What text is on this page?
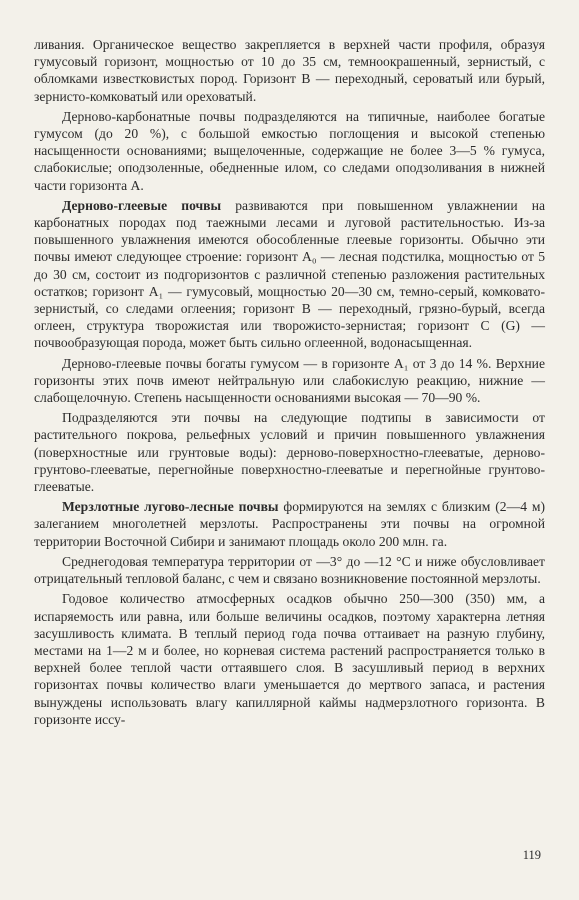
ливания. Органическое вещество закрепляется в верхней части профиля, образуя гумусовый горизонт, мощностью от 10 до 35 см, темноокрашенный, зернистый, с обломками известковистых пород. Горизонт B — переходный, сероватый или бурый, зернисто-комковатый или ореховатый.

Дерново-карбонатные почвы подразделяются на типичные, наиболее богатые гумусом (до 20 %), с большой емкостью поглощения и высокой степенью насыщенности основаниями; выщелоченные, содержащие не более 3—5 % гумуса, слабокислые; оподзоленные, обедненные илом, со следами оподзоливания в нижней части горизонта A.

Дерново-глеевые почвы развиваются при повышенном увлажнении на карбонатных породах под таежными лесами и луговой растительностью. Из-за повышенного увлажнения имеются обособленные глеевые горизонты. Обычно эти почвы имеют следующее строение: горизонт A₀ — лесная подстилка, мощностью от 5 до 30 см, состоит из подгоризонтов с различной степенью разложения растительных остатков; горизонт A₁ — гумусовый, мощностью 20—30 см, темно-серый, комковато-зернистый, со следами оглеения; горизонт B — переходный, грязно-бурый, всегда оглеен, структура творожистая или творожисто-зернистая; горизонт C (G) — почвообразующая порода, может быть сильно оглеенной, водонасыщенная.

Дерново-глеевые почвы богаты гумусом — в горизонте A₁ от 3 до 14 %. Верхние горизонты этих почв имеют нейтральную или слабокислую реакцию, нижние — слабощелочную. Степень насыщенности основаниями высокая — 70—90 %.

Подразделяются эти почвы на следующие подтипы в зависимости от растительного покрова, рельефных условий и причин повышенного увлажнения (поверхностные или грунтовые воды): дерново-поверхностно-глееватые, дерново-грунтово-глееватые, перегнойные поверхностно-глееватые и перегнойные грунтово-глееватые.

Мерзлотные лугово-лесные почвы формируются на землях с близким (2—4 м) залеганием многолетней мерзлоты. Распространены эти почвы на огромной территории Восточной Сибири и занимают площадь около 200 млн. га.

Среднегодовая температура территории от —3° до —12 °C и ниже обусловливает отрицательный тепловой баланс, с чем и связано возникновение постоянной мерзлоты.

Годовое количество атмосферных осадков обычно 250—300 (350) мм, а испаряемость или равна, или больше величины осадков, поэтому характерна летняя засушливость климата. В теплый период года почва оттаивает на разную глубину, местами на 1—2 м и более, но корневая система растений распространяется только в верхней более теплой части оттаявшего слоя. В засушливый период в верхних горизонтах почвы количество влаги уменьшается до мертвого запаса, и растения вынуждены использовать влагу капиллярной каймы надмерзлотного горизонта. В горизонте иссу-

119
